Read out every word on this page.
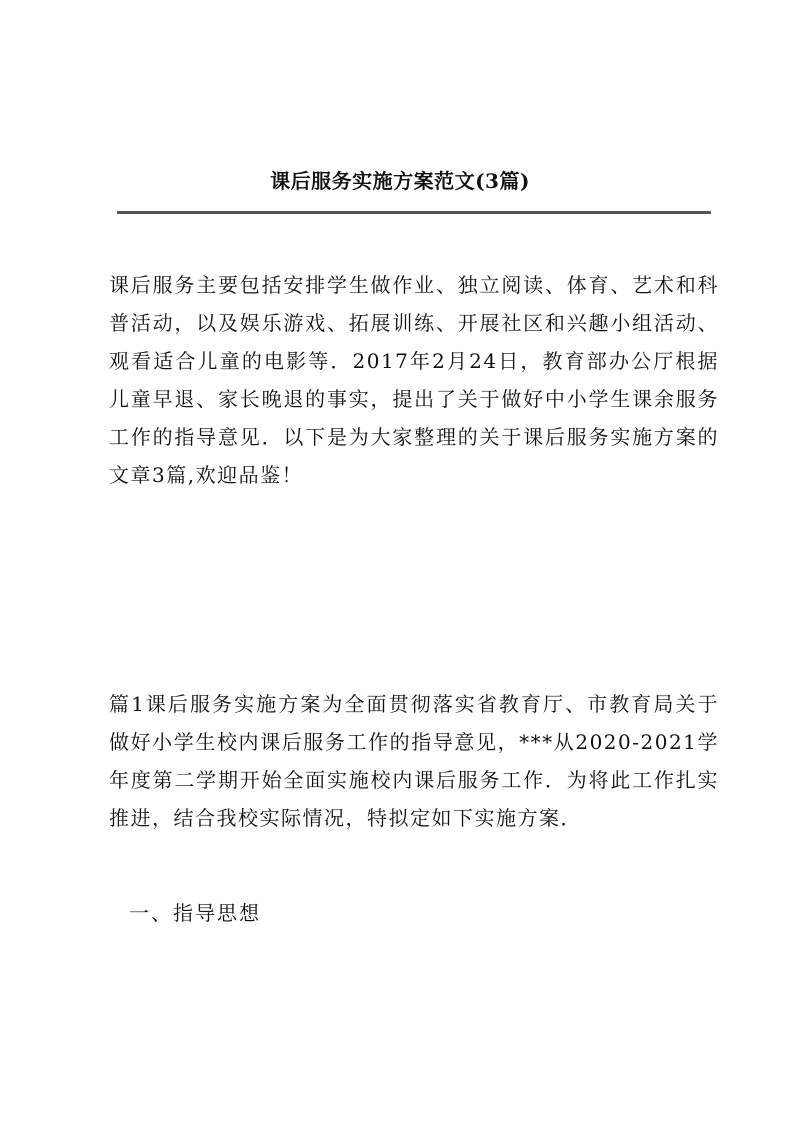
课后服务实施方案范文(3篇)

课后服务主要包括安排学生做作业、独立阅读、体育、艺术和科普活动，以及娱乐游戏、拓展训练、开展社区和兴趣小组活动、观看适合儿童的电影等．2017年2月24日，教育部办公厅根据儿童早退、家长晚退的事实，提出了关于做好中小学生课余服务工作的指导意见．以下是为大家整理的关于课后服务实施方案的文章3篇,欢迎品鉴！

篇1课后服务实施方案为全面贯彻落实省教育厅、市教育局关于做好小学生校内课后服务工作的指导意见，***从2020-2021学年度第二学期开始全面实施校内课后服务工作．为将此工作扎实推进，结合我校实际情况，特拟定如下实施方案．

一、指导思想
